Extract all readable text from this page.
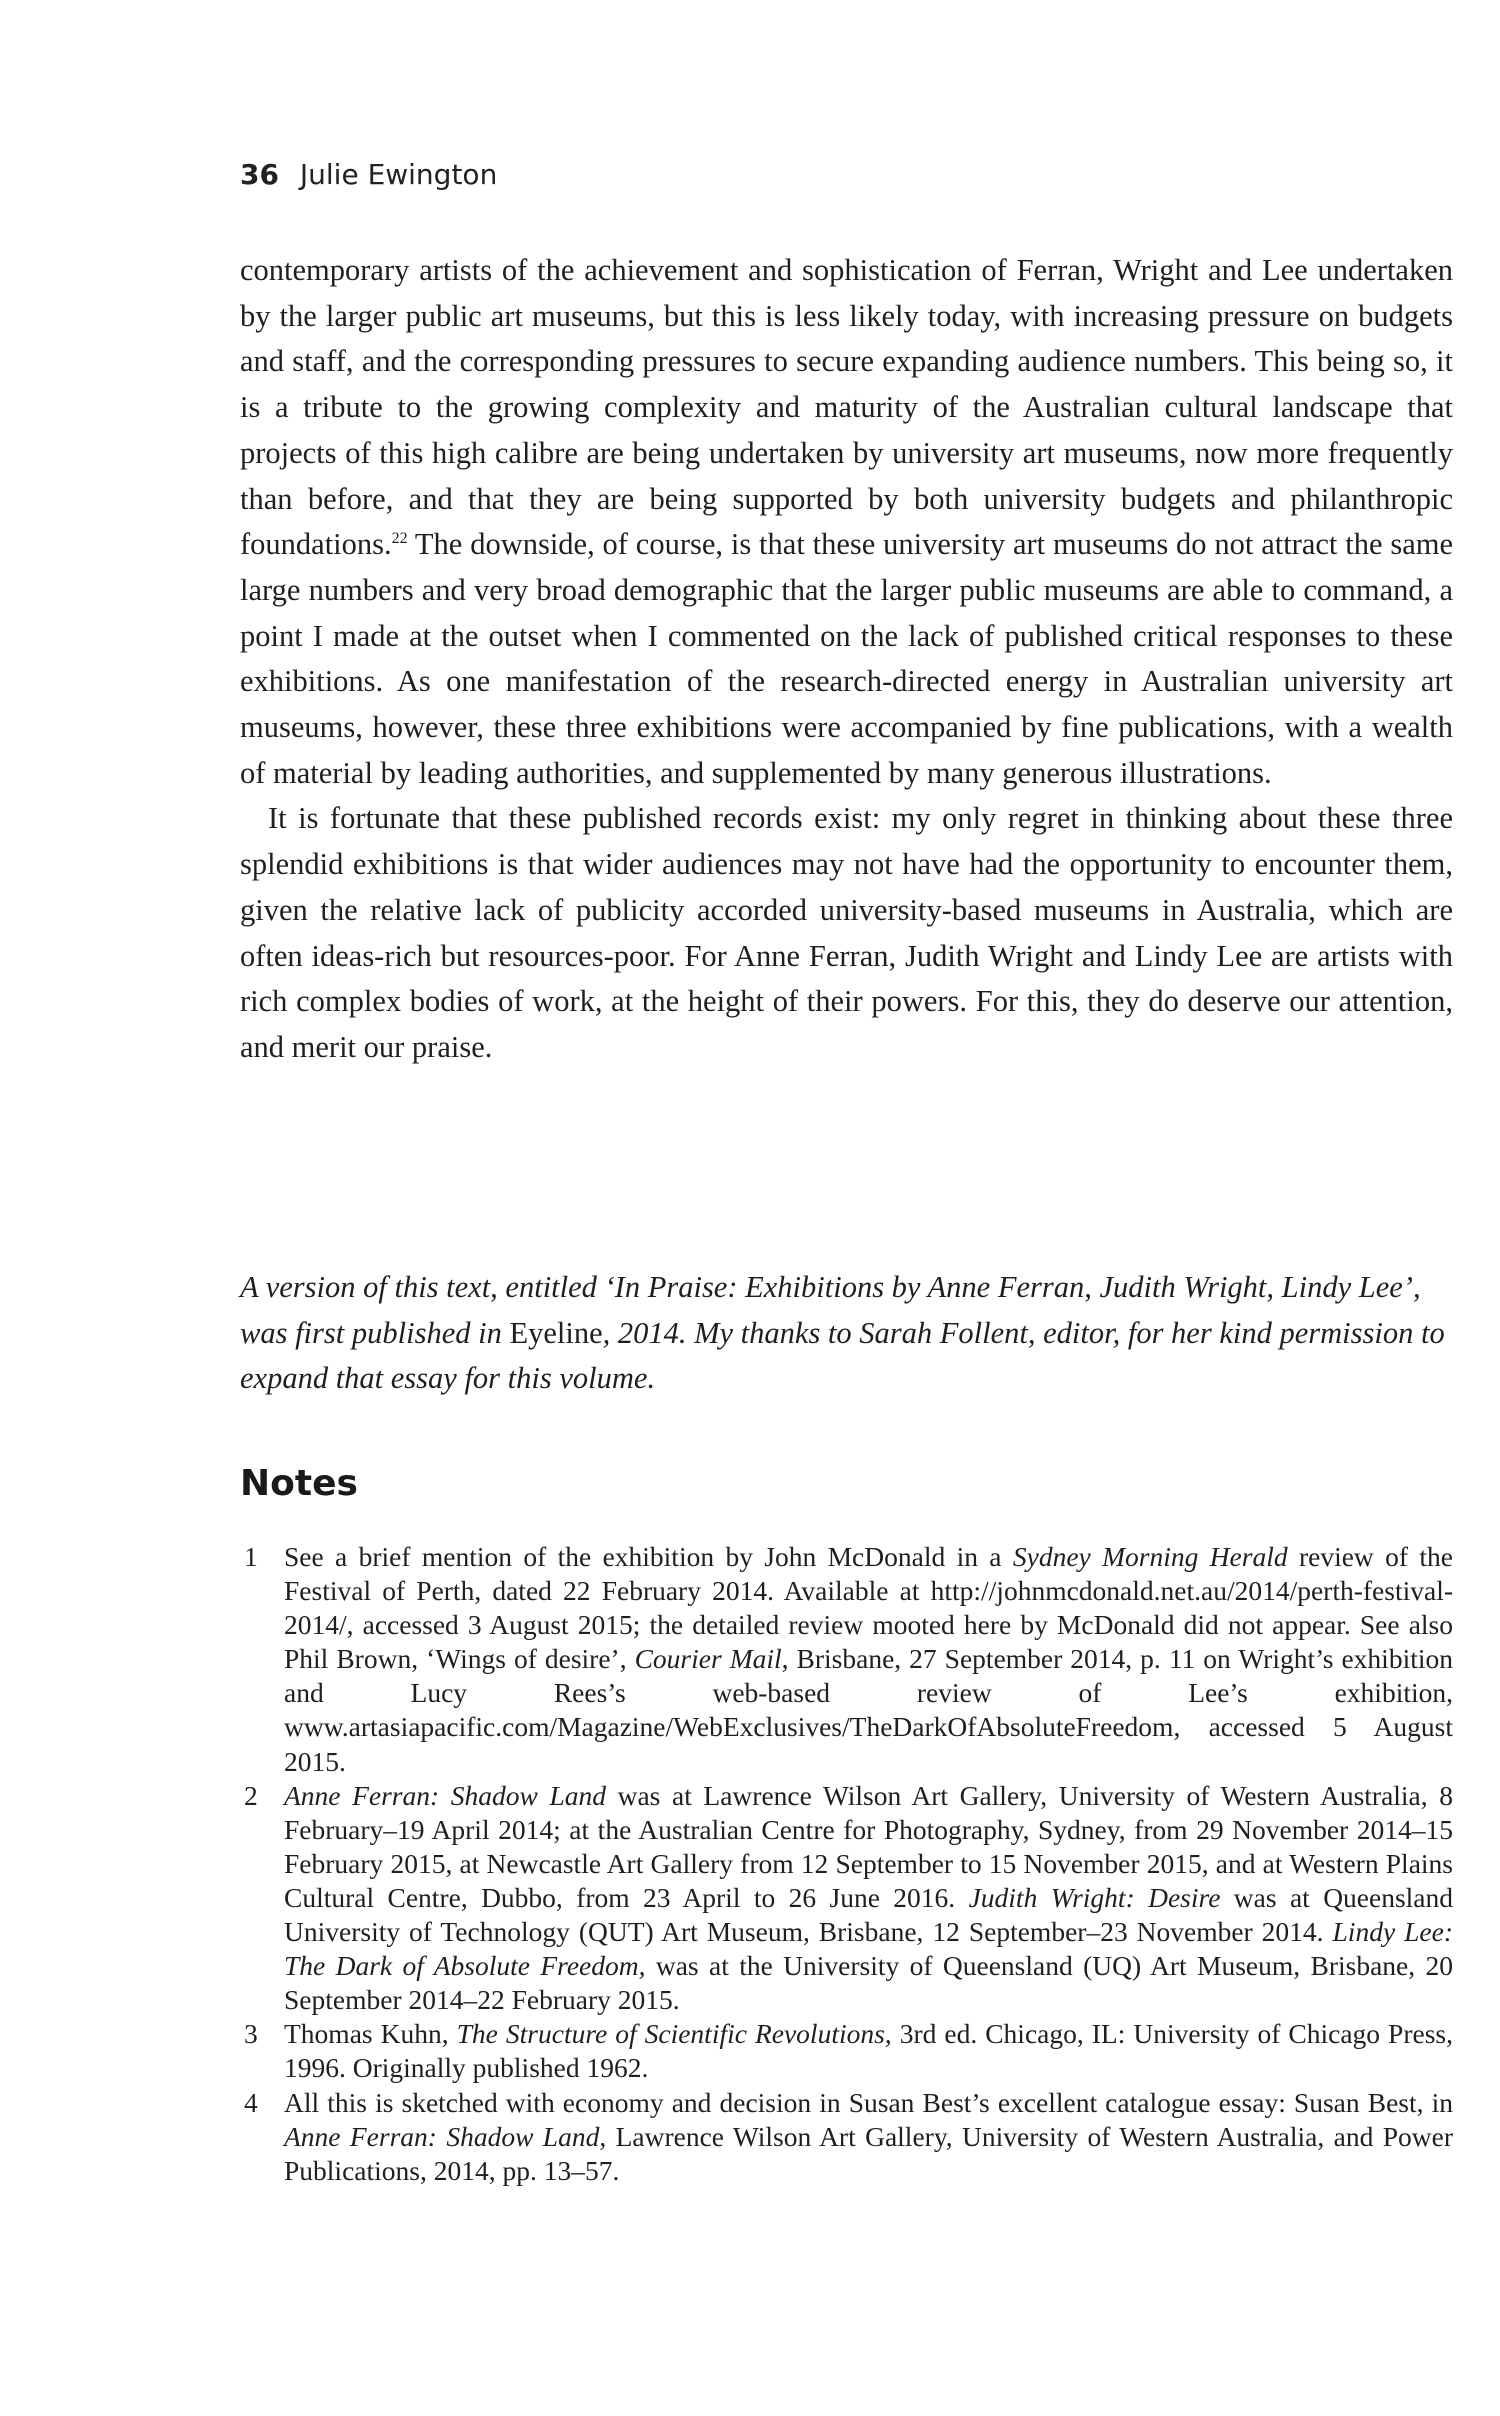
36 Julie Ewington

contemporary artists of the achievement and sophistication of Ferran, Wright and Lee undertaken by the larger public art museums, but this is less likely today, with increasing pressure on budgets and staff, and the corresponding pressures to secure expanding audience numbers. This being so, it is a tribute to the growing complexity and maturity of the Australian cultural landscape that projects of this high calibre are being undertaken by university art museums, now more frequently than before, and that they are being supported by both university budgets and philanthropic foundations.$^{22}$ The downside, of course, is that these university art museums do not attract the same large numbers and very broad demographic that the larger public museums are able to command, a point I made at the outset when I commented on the lack of published critical responses to these exhibitions. As one manifestation of the research-directed energy in Australian university art museums, however, these three exhibitions were accompanied by fine publications, with a wealth of material by leading authorities, and supplemented by many generous illustrations.

It is fortunate that these published records exist: my only regret in thinking about these three splendid exhibitions is that wider audiences may not have had the opportunity to encounter them, given the relative lack of publicity accorded university-based museums in Australia, which are often ideas-rich but resources-poor. For Anne Ferran, Judith Wright and Lindy Lee are artists with rich complex bodies of work, at the height of their powers. For this, they do deserve our attention, and merit our praise.

A version of this text, entitled ‘In Praise: Exhibitions by Anne Ferran, Judith Wright, Lindy Lee’, was first published in Eyeline, 2014. My thanks to Sarah Follent, editor, for her kind permission to expand that essay for this volume.
Notes
1 See a brief mention of the exhibition by John McDonald in a Sydney Morning Herald review of the Festival of Perth, dated 22 February 2014. Available at http://johnmcdonald.net.au/2014/perth-festival-2014/, accessed 3 August 2015; the detailed review mooted here by McDonald did not appear. See also Phil Brown, ‘Wings of desire’, Courier Mail, Brisbane, 27 September 2014, p. 11 on Wright’s exhibition and Lucy Rees’s web-based review of Lee’s exhibition, www.artasiapacific.com/Magazine/WebExclusives/TheDarkOfAbsoluteFreedom, accessed 5 August 2015.
2 Anne Ferran: Shadow Land was at Lawrence Wilson Art Gallery, University of Western Australia, 8 February–19 April 2014; at the Australian Centre for Photography, Sydney, from 29 November 2014–15 February 2015, at Newcastle Art Gallery from 12 September to 15 November 2015, and at Western Plains Cultural Centre, Dubbo, from 23 April to 26 June 2016. Judith Wright: Desire was at Queensland University of Technology (QUT) Art Museum, Brisbane, 12 September–23 November 2014. Lindy Lee: The Dark of Absolute Freedom, was at the University of Queensland (UQ) Art Museum, Brisbane, 20 September 2014–22 February 2015.
3 Thomas Kuhn, The Structure of Scientific Revolutions, 3rd ed. Chicago, IL: University of Chicago Press, 1996. Originally published 1962.
4 All this is sketched with economy and decision in Susan Best’s excellent catalogue essay: Susan Best, in Anne Ferran: Shadow Land, Lawrence Wilson Art Gallery, University of Western Australia, and Power Publications, 2014, pp. 13–57.
